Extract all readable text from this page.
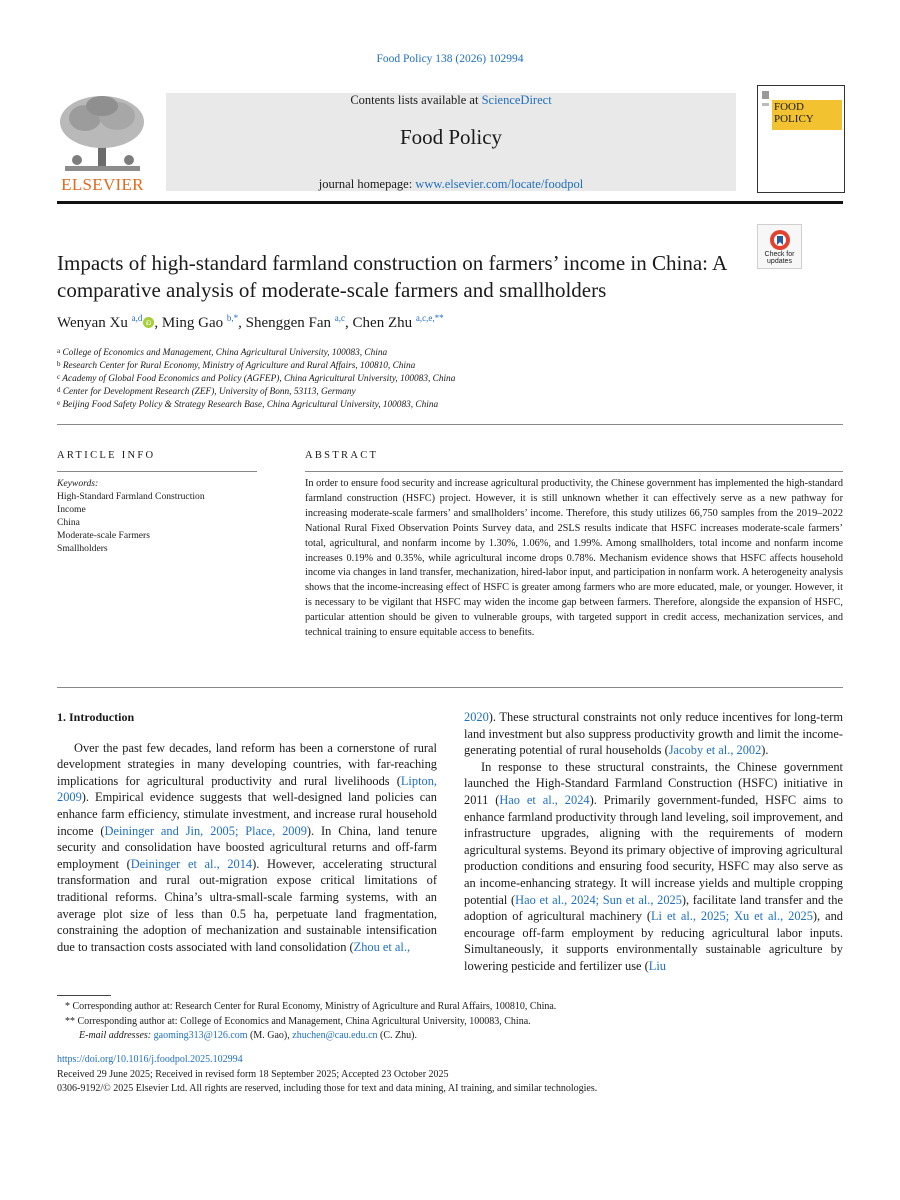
Food Policy 138 (2026) 102994
ELSEVIER
Contents lists available at ScienceDirect
Food Policy
journal homepage: www.elsevier.com/locate/foodpol
FOOD
POLICY
Check for
updates
Impacts of high-standard farmland construction on farmers’ income in China: A comparative analysis of moderate-scale farmers and smallholders
Wenyan Xu $^{a,d}$
iD , Ming Gao $^{b,*}$, Shenggen Fan $^{a,c}$, Chen Zhu $^{a,c,e,**}$
$^a$ College of Economics and Management, China Agricultural University, 100083, China
$^b$ Research Center for Rural Economy, Ministry of Agriculture and Rural Affairs, 100810, China
$^c$ Academy of Global Food Economics and Policy (AGFEP), China Agricultural University, 100083, China
$^d$ Center for Development Research (ZEF), University of Bonn, 53113, Germany
$^e$ Beijing Food Safety Policy & Strategy Research Base, China Agricultural University, 100083, China
ARTICLE INFO
Keywords:
High-Standard Farmland Construction
Income
China
Moderate-scale Farmers
Smallholders
ABSTRACT
In order to ensure food security and increase agricultural productivity, the Chinese government has implemented the high-standard farmland construction (HSFC) project. However, it is still unknown whether it can effectively serve as a new pathway for increasing moderate-scale farmers’ and smallholders’ income. Therefore, this study utilizes 66,750 samples from the 2019–2022 National Rural Fixed Observation Points Survey data, and 2SLS results indicate that HSFC increases moderate-scale farmers’ total, agricultural, and nonfarm income by 1.30%, 1.06%, and 1.99%. Among smallholders, total income and nonfarm income increases 0.19% and 0.35%, while agricultural income drops 0.78%. Mechanism evidence shows that HSFC affects household income via changes in land transfer, mechanization, hired-labor input, and participation in nonfarm work. A heterogeneity analysis shows that the income-increasing effect of HSFC is greater among farmers who are more educated, male, or younger. However, it is necessary to be vigilant that HSFC may widen the income gap between farmers. Therefore, alongside the expansion of HSFC, particular attention should be given to vulnerable groups, with targeted support in credit access, mechanization services, and technical training to ensure equitable access to benefits.
1. Introduction

Over the past few decades, land reform has been a cornerstone of rural development strategies in many developing countries, with far-reaching implications for agricultural productivity and rural livelihoods (Lipton, 2009). Empirical evidence suggests that well-designed land policies can enhance farm efficiency, stimulate investment, and increase rural household income (Deininger and Jin, 2005; Place, 2009). In China, land tenure security and consolidation have boosted agricultural returns and off-farm employment (Deininger et al., 2014). However, accelerating structural transformation and rural out-migration expose critical limitations of traditional reforms. China’s ultra-small-scale farming systems, with an average plot size of less than 0.5 ha, perpetuate land fragmentation, constraining the adoption of mechanization and sustainable intensification due to transaction costs associated with land consolidation (Zhou et al.,

2020). These structural constraints not only reduce incentives for long-term land investment but also suppress productivity growth and limit the income-generating potential of rural households (Jacoby et al., 2002).

In response to these structural constraints, the Chinese government launched the High-Standard Farmland Construction (HSFC) initiative in 2011 (Hao et al., 2024). Primarily government-funded, HSFC aims to enhance farmland productivity through land leveling, soil improvement, and infrastructure upgrades, aligning with the requirements of modern agricultural systems. Beyond its primary objective of improving agricultural production conditions and ensuring food security, HSFC may also serve as an income-enhancing strategy. It will increase yields and multiple cropping potential (Hao et al., 2024; Sun et al., 2025), facilitate land transfer and the adoption of agricultural machinery (Li et al., 2025; Xu et al., 2025), and encourage off-farm employment by reducing agricultural labor inputs. Simultaneously, it supports environmentally sustainable agriculture by lowering pesticide and fertilizer use (Liu

* Corresponding author at: Research Center for Rural Economy, Ministry of Agriculture and Rural Affairs, 100810, China.
** Corresponding author at: College of Economics and Management, China Agricultural University, 100083, China.
E-mail addresses: gaoming313@126.com (M. Gao), zhuchen@cau.edu.cn (C. Zhu).
https://doi.org/10.1016/j.foodpol.2025.102994
Received 29 June 2025; Received in revised form 18 September 2025; Accepted 23 October 2025
0306-9192/© 2025 Elsevier Ltd. All rights are reserved, including those for text and data mining, AI training, and similar technologies.
